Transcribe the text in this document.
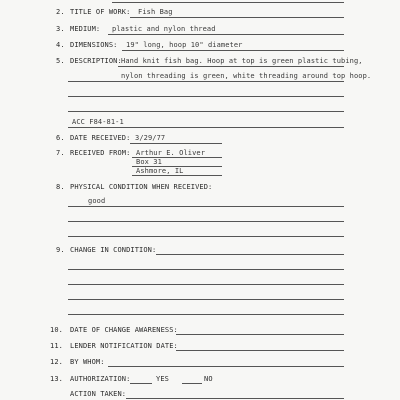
2. TITLE OF WORK: Fish Bag
3. MEDIUM: plastic and nylon thread
4. DIMENSIONS: 19" long, hoop 10" diameter
5. DESCRIPTION: Hand knit fish bag. Hoop at top is green plastic tubing,
nylon threading is green, white threading around top hoop.
ACC F84-81-1
6. DATE RECEIVED: 3/29/77
7. RECEIVED FROM: Arthur E. Oliver
Box 31
Ashmore, IL
8. PHYSICAL CONDITION WHEN RECEIVED:
good
9. CHANGE IN CONDITION:
10. DATE OF CHANGE AWARENESS:
11. LENDER NOTIFICATION DATE:
12. BY WHOM:
13. AUTHORIZATION:	YES	NO
ACTION TAKEN:
